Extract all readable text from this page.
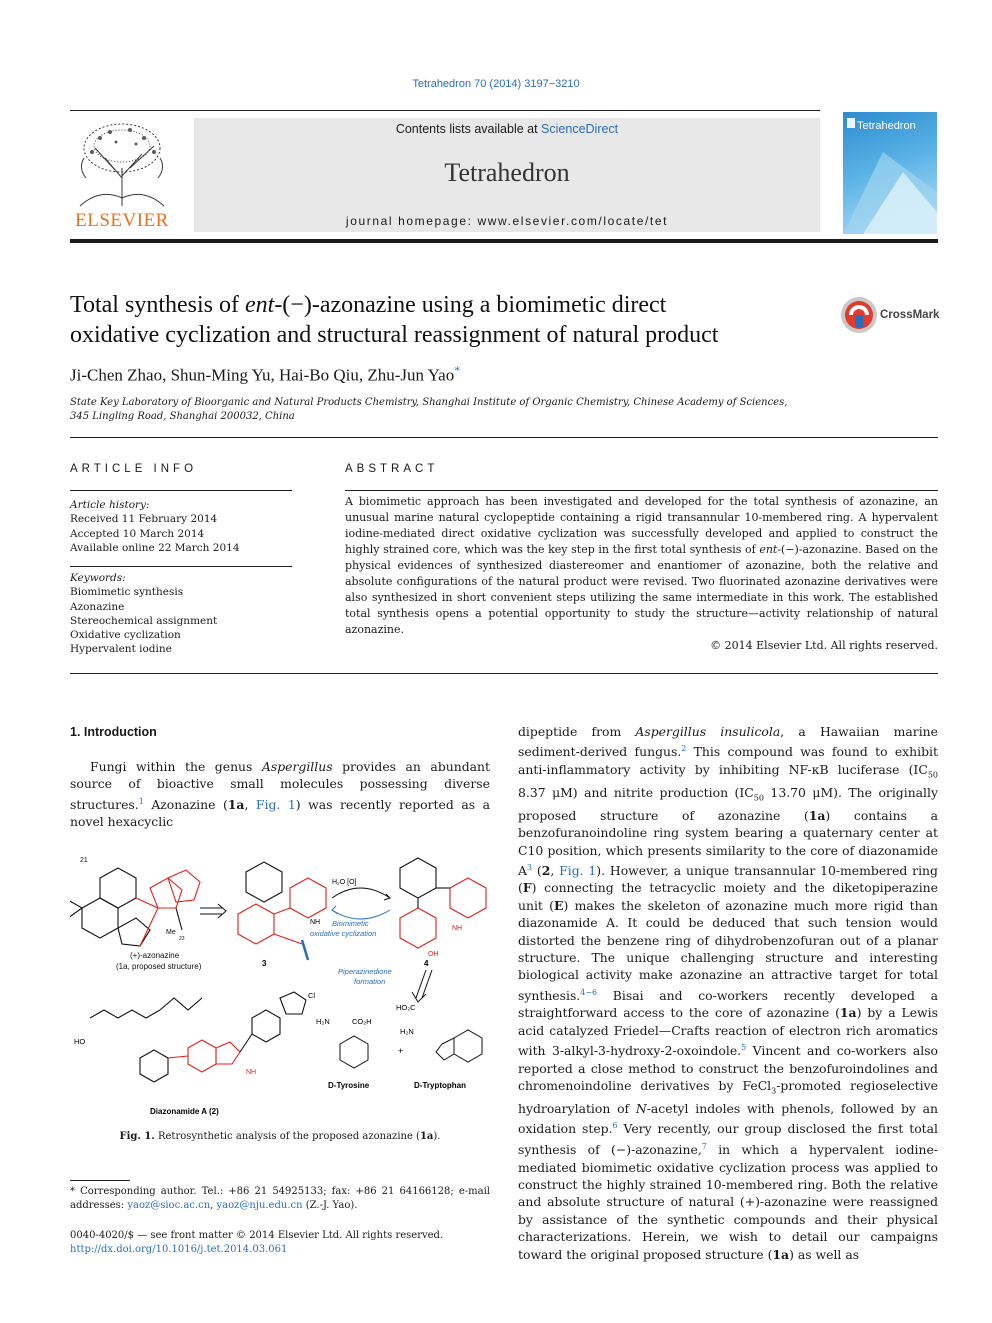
Tetrahedron 70 (2014) 3197−3210
ELSEVIER
Contents lists available at ScienceDirect
Tetrahedron
journal homepage: www.elsevier.com/locate/tet
Tetrahedron
Total synthesis of ent-(−)-azonazine using a biomimetic direct
oxidative cyclization and structural reassignment of natural product
CrossMark
Ji-Chen Zhao, Shun-Ming Yu, Hai-Bo Qiu, Zhu-Jun Yao*
State Key Laboratory of Bioorganic and Natural Products Chemistry, Shanghai Institute of Organic Chemistry, Chinese Academy of Sciences,
345 Lingling Road, Shanghai 200032, China
ARTICLE INFO
Article history:
Received 11 February 2014
Accepted 10 March 2014
Available online 22 March 2014
Keywords:
Biomimetic synthesis
Azonazine
Stereochemical assignment
Oxidative cyclization
Hypervalent iodine
ABSTRACT
A biomimetic approach has been investigated and developed for the total synthesis of azonazine, an unusual marine natural cyclopeptide containing a rigid transannular 10-membered ring. A hypervalent iodine-mediated direct oxidative cyclization was successfully developed and applied to construct the highly strained core, which was the key step in the first total synthesis of ent-(−)-azonazine. Based on the physical evidences of synthesized diastereomer and enantiomer of azonazine, both the relative and absolute configurations of the natural product were revised. Two fluorinated azonazine derivatives were also synthesized in short convenient steps utilizing the same intermediate in this work. The established total synthesis opens a potential opportunity to study the structure—activity relationship of natural azonazine.
© 2014 Elsevier Ltd. All rights reserved.
1. Introduction
Fungi within the genus Aspergillus provides an abundant source of bioactive small molecules possessing diverse structures.$^1$ Azonazine (1a, Fig. 1) was recently reported as a novel hexacyclic
21
Me
23
(+)-azonazine
(1a, proposed structure)	3
NH
H₂O [O]
Biomimetic
oxidative cyclization
OH
NH
4
Piperazinedione
formation
H₂N	CO₂H
D-Tyrosine
+
HO₂C
H₂N
D-Tryptophan
HO
NH
Cl
Diazonamide A (2)
Fig. 1. Retrosynthetic analysis of the proposed azonazine (1a).
* Corresponding author. Tel.: +86 21 54925133; fax: +86 21 64166128; e-mail addresses: yaoz@sioc.ac.cn, yaoz@nju.edu.cn (Z.-J. Yao).
0040-4020/$ — see front matter © 2014 Elsevier Ltd. All rights reserved.
http://dx.doi.org/10.1016/j.tet.2014.03.061
dipeptide from Aspergillus insulicola, a Hawaiian marine sediment-derived fungus.$^2$ This compound was found to exhibit anti-inflammatory activity by inhibiting NF-κB luciferase ($IC_{50}$ 8.37 μM) and nitrite production ($IC_{50}$ 13.70 μM). The originally proposed structure of azonazine (1a) contains a benzofuranoindoline ring system bearing a quaternary center at C10 position, which presents similarity to the core of diazonamide $A^3$ (2, Fig. 1). However, a unique transannular 10-membered ring (F) connecting the tetracyclic moiety and the diketopiperazine unit (E) makes the skeleton of azonazine much more rigid than diazonamide A. It could be deduced that such tension would distorted the benzene ring of dihydrobenzofuran out of a planar structure. The unique challenging structure and interesting biological activity make azonazine an attractive target for total synthesis.$^{4-6}$ Bisai and co-workers recently developed a straightforward access to the core of azonazine (1a) by a Lewis acid catalyzed Friedel—Crafts reaction of electron rich aromatics with 3-alkyl-3-hydroxy-2-oxoindole.$^5$ Vincent and co-workers also reported a close method to construct the benzofuroindolines and chromenoindoline derivatives by FeCl$_3$-promoted regioselective hydroarylation of N-acetyl indoles with phenols, followed by an oxidation step.$^6$ Very recently, our group disclosed the first total synthesis of (−)-azonazine,$^7$ in which a hypervalent iodine-mediated biomimetic oxidative cyclization process was applied to construct the highly strained 10-membered ring. Both the relative and absolute structure of natural (+)-azonazine were reassigned by assistance of the synthetic compounds and their physical characterizations. Herein, we wish to detail our campaigns toward the original proposed structure (1a) as well as
